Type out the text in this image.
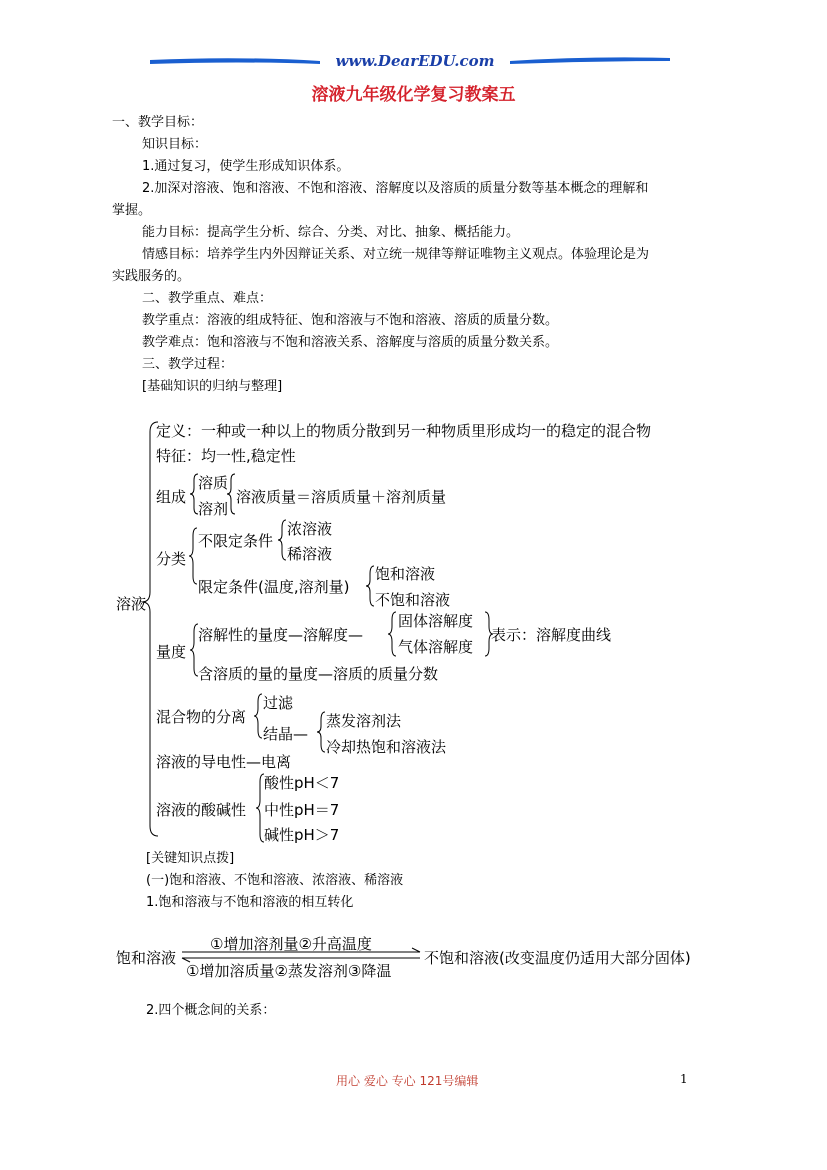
www.DearEDU.com
溶液九年级化学复习教案五
一、教学目标：
知识目标：
1.通过复习，使学生形成知识体系。
2.加深对溶液、饱和溶液、不饱和溶液、溶解度以及溶质的质量分数等基本概念的理解和
掌握。
能力目标：提高学生分析、综合、分类、对比、抽象、概括能力。
情感目标：培养学生内外因辩证关系、对立统一规律等辩证唯物主义观点。体验理论是为
实践服务的。
二、教学重点、难点：
教学重点：溶液的组成特征、饱和溶液与不饱和溶液、溶质的质量分数。
教学难点：饱和溶液与不饱和溶液关系、溶解度与溶质的质量分数关系。
三、教学过程：
[基础知识的归纳与整理]
溶液
定义：一种或一种以上的物质分散到另一种物质里形成均一的稳定的混合物
特征：均一性,稳定性
组成
溶质
溶剂
溶液质量＝溶质质量＋溶剂质量
分类
不限定条件
浓溶液
稀溶液
限定条件(温度,溶剂量)
饱和溶液
不饱和溶液
量度
溶解性的量度—溶解度—
固体溶解度
气体溶解度
表示：溶解度曲线
含溶质的量的量度—溶质的质量分数
混合物的分离
过滤
结晶—
蒸发溶剂法
冷却热饱和溶液法
溶液的导电性—电离
溶液的酸碱性
酸性pH＜7
中性pH＝7
碱性pH＞7
[关键知识点拨]
(一)饱和溶液、不饱和溶液、浓溶液、稀溶液
1.饱和溶液与不饱和溶液的相互转化
饱和溶液
①增加溶剂量②升高温度
①增加溶质量②蒸发溶剂③降温
不饱和溶液(改变温度仍适用大部分固体)
2.四个概念间的关系：
用心 爱心 专心 121号编辑	1
